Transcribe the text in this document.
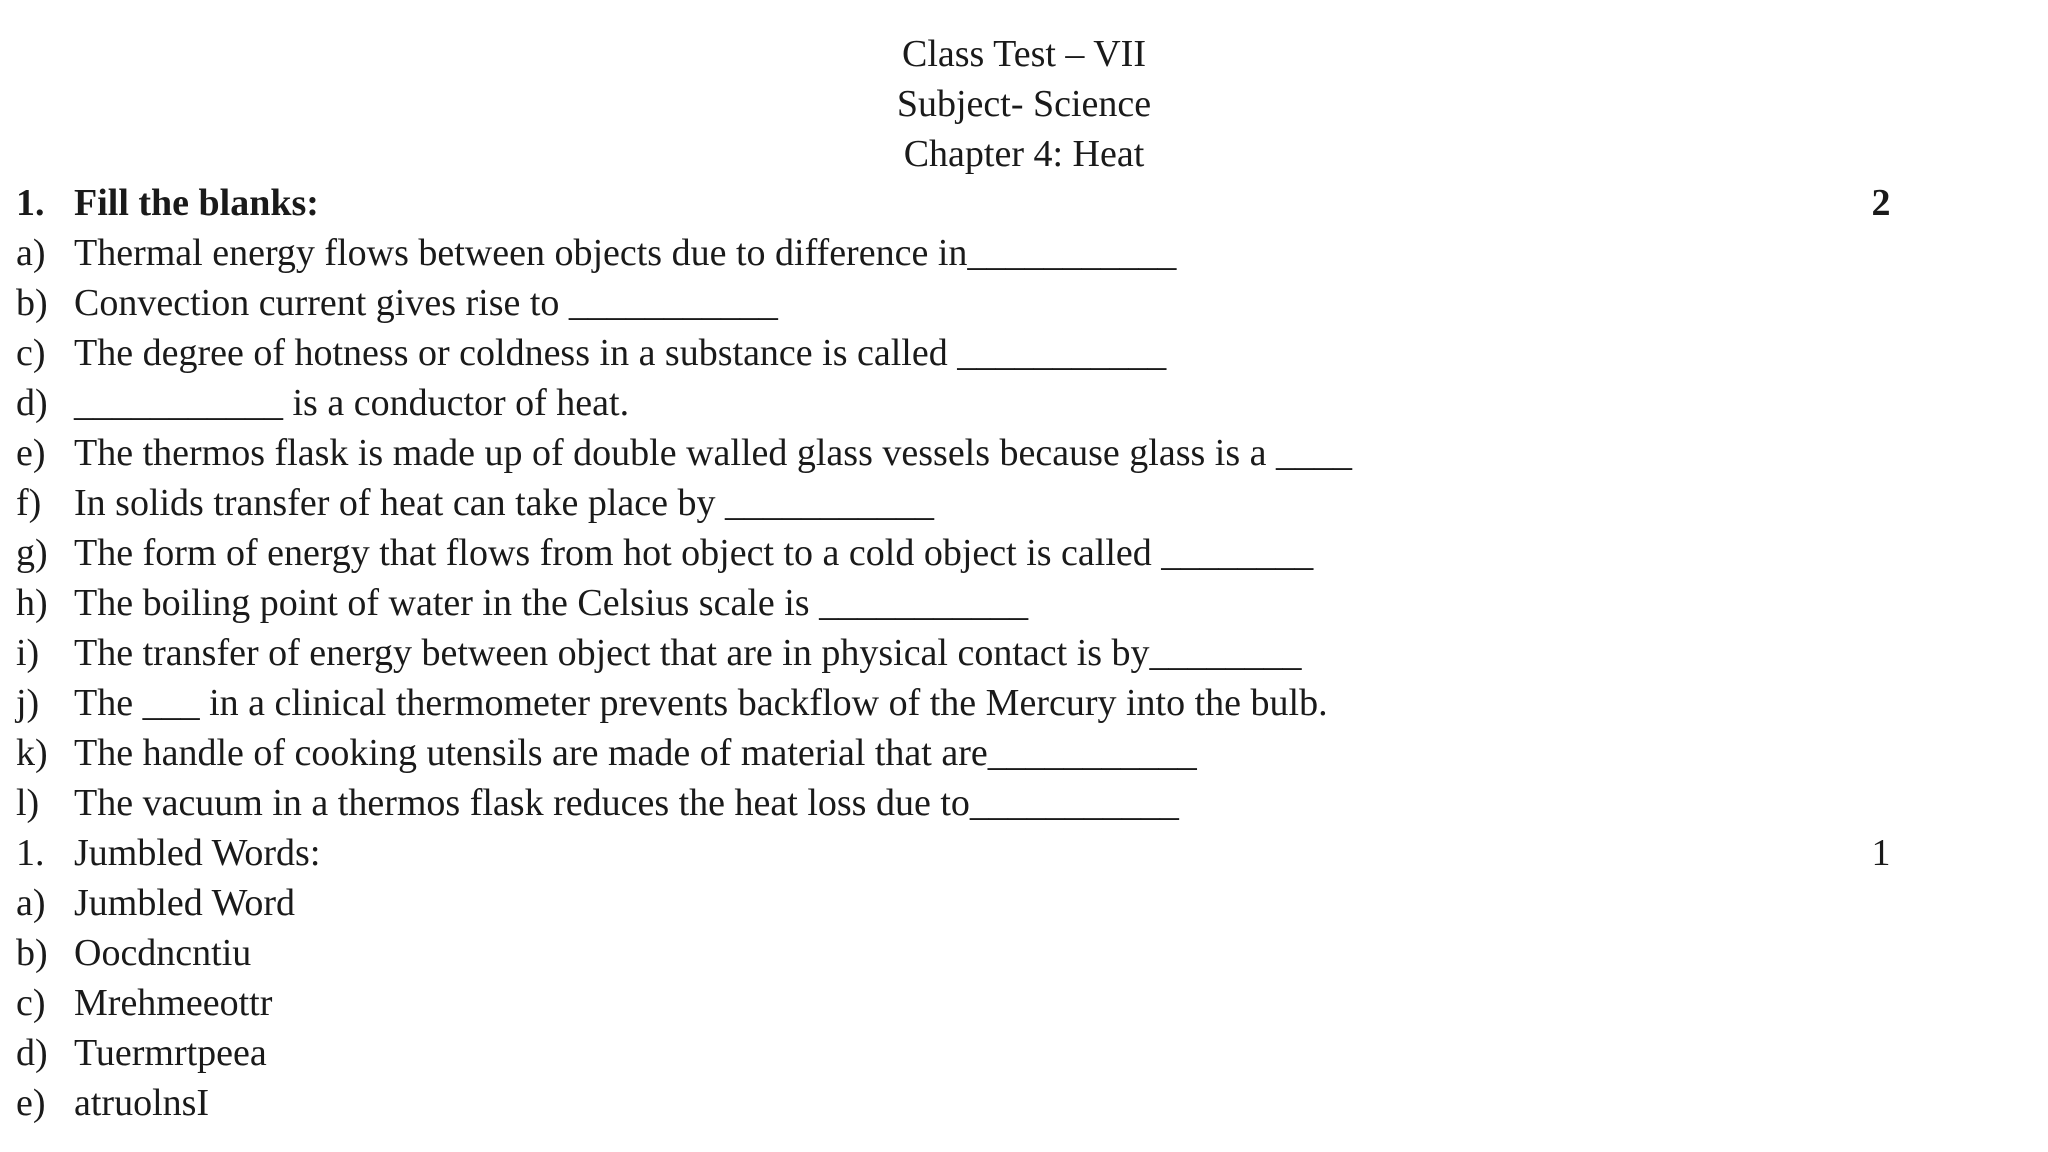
Class Test – VII
Subject- Science
Chapter 4: Heat
1. Fill the blanks:	2
a) Thermal energy flows between objects due to difference in___________
b) Convection current gives rise to ___________
c) The degree of hotness or coldness in a substance is called ___________
d) ___________ is a conductor of heat.
e) The thermos flask is made up of double walled glass vessels because glass is a ____
f) In solids transfer of heat can take place by ___________
g) The form of energy that flows from hot object to a cold object is called ________
h) The boiling point of water in the Celsius scale is ___________
i) The transfer of energy between object that are in physical contact is by________
j) The ___ in a clinical thermometer prevents backflow of the Mercury into the bulb.
k) The handle of cooking utensils are made of material that are___________
l) The vacuum in a thermos flask reduces the heat loss due to___________
1. Jumbled Words:	1
a) Jumbled Word
b) Oocdncntiu
c) Mrehmeeottr
d) Tuermrtpeea
e) atruolnsI
